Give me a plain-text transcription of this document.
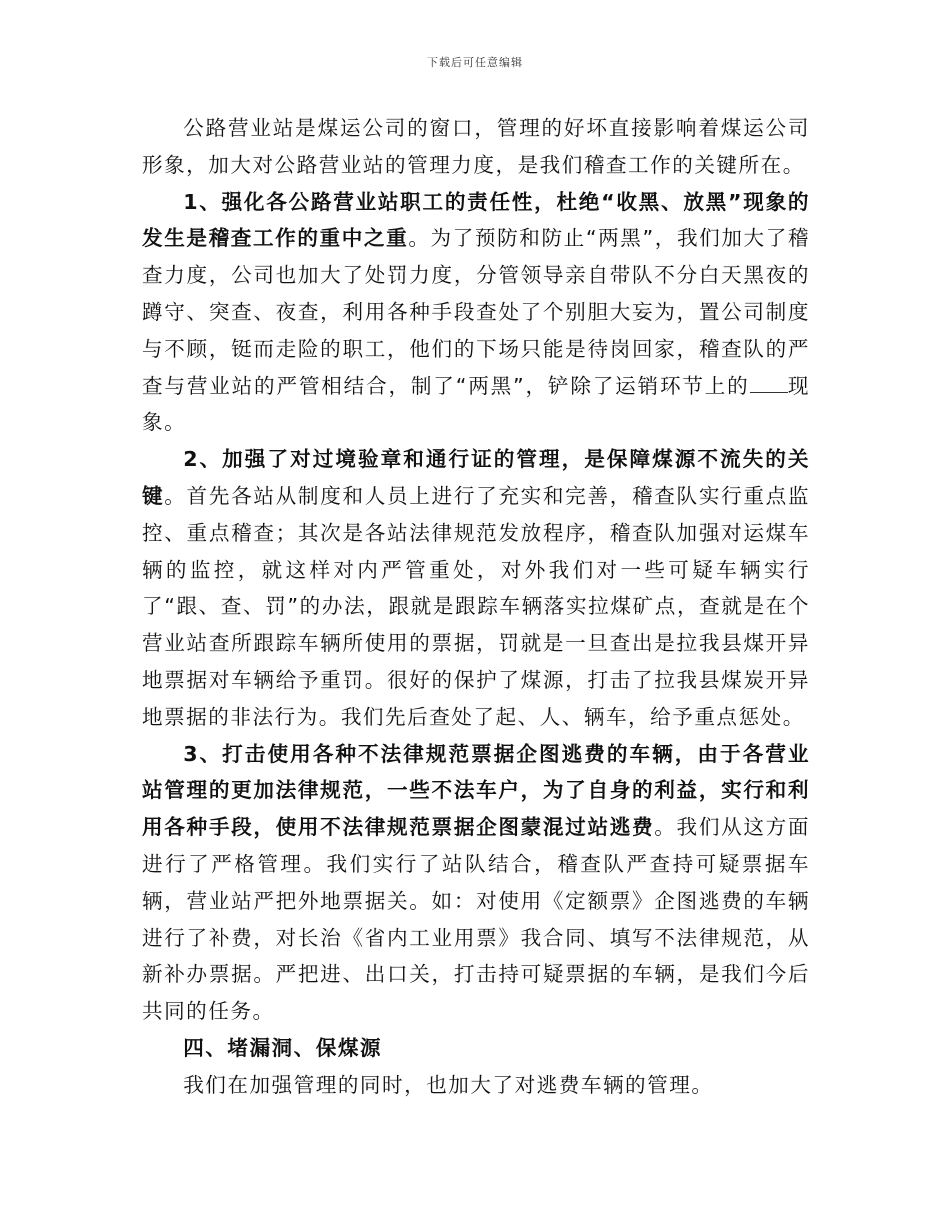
下载后可任意编辑

公路营业站是煤运公司的窗口，管理的好坏直接影响着煤运公司形象，加大对公路营业站的管理力度，是我们稽查工作的关键所在。

1、强化各公路营业站职工的责任性，杜绝“收黑、放黑”现象的发生是稽查工作的重中之重。为了预防和防止“两黑”，我们加大了稽查力度，公司也加大了处罚力度，分管领导亲自带队不分白天黑夜的蹲守、突查、夜查，利用各种手段查处了个别胆大妄为，置公司制度与不顾，铤而走险的职工，他们的下场只能是待岗回家，稽查队的严查与营业站的严管相结合，制了“两黑”，铲除了运销环节上的 现象。

2、加强了对过境验章和通行证的管理，是保障煤源不流失的关键。首先各站从制度和人员上进行了充实和完善，稽查队实行重点监控、重点稽查；其次是各站法律规范发放程序，稽查队加强对运煤车辆的监控，就这样对内严管重处，对外我们对一些可疑车辆实行了“跟、查、罚”的办法，跟就是跟踪车辆落实拉煤矿点，查就是在个营业站查所跟踪车辆所使用的票据，罚就是一旦查出是拉我县煤开异地票据对车辆给予重罚。很好的保护了煤源，打击了拉我县煤炭开异地票据的非法行为。我们先后查处了起、人、辆车，给予重点惩处。

3、打击使用各种不法律规范票据企图逃费的车辆，由于各营业站管理的更加法律规范，一些不法车户，为了自身的利益，实行和利用各种手段，使用不法律规范票据企图蒙混过站逃费。我们从这方面进行了严格管理。我们实行了站队结合，稽查队严查持可疑票据车辆，营业站严把外地票据关。如：对使用《定额票》企图逃费的车辆进行了补费，对长治《省内工业用票》我合同、填写不法律规范，从新补办票据。严把进、出口关，打击持可疑票据的车辆，是我们今后共同的任务。

四、堵漏洞、保煤源

我们在加强管理的同时，也加大了对逃费车辆的管理。
